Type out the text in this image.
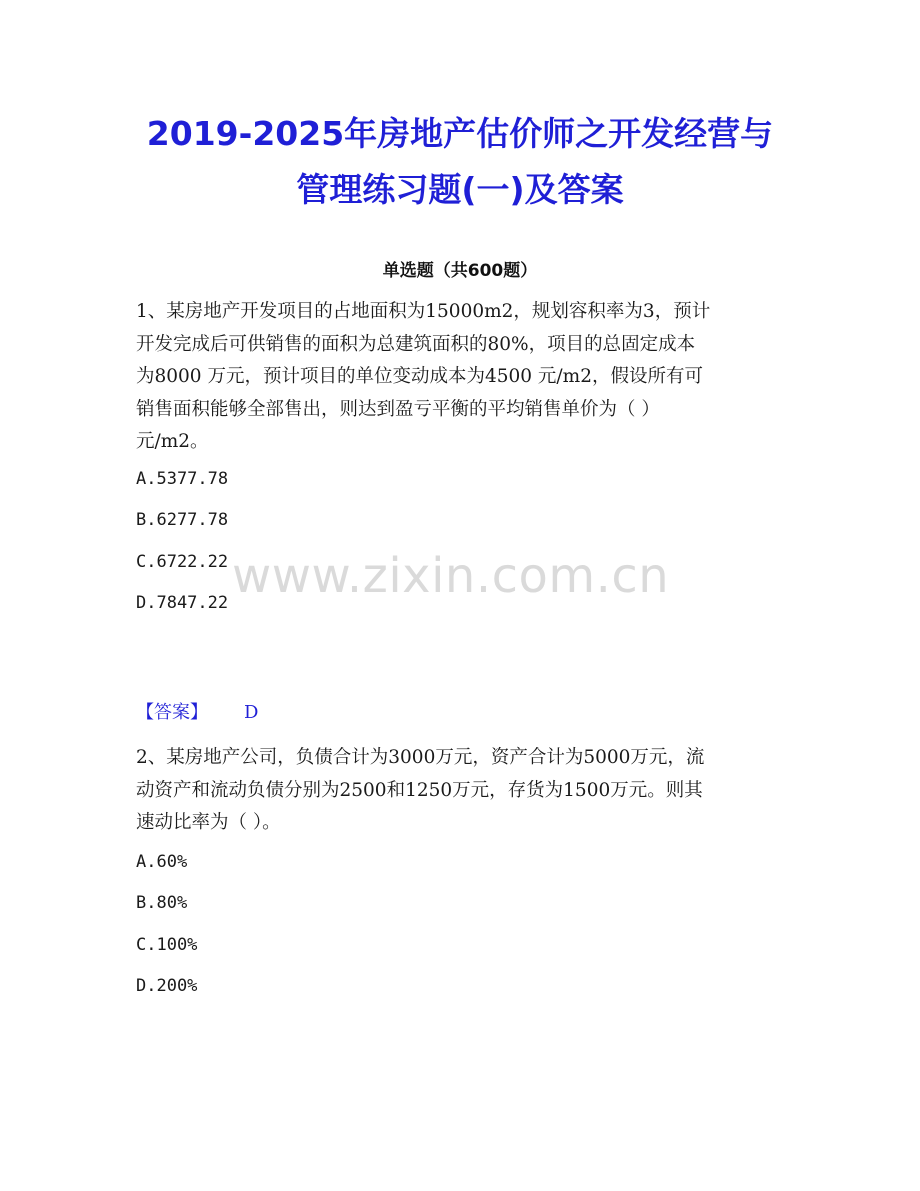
2019-2025年房地产估价师之开发经营与
管理练习题(一)及答案
单选题（共600题）
1、某房地产开发项目的占地面积为15000m2，规划容积率为3，预计
开发完成后可供销售的面积为总建筑面积的80%，项目的总固定成本
为8000 万元，预计项目的单位变动成本为4500 元/m2，假设所有可
销售面积能够全部售出，则达到盈亏平衡的平均销售单价为（ ）
元/m2。
A.5377.78
B.6277.78
C.6722.22
D.7847.22 www.zixin.com.cn
【答案】 D
2、某房地产公司，负债合计为3000万元，资产合计为5000万元，流
动资产和流动负债分别为2500和1250万元，存货为1500万元。则其
速动比率为（ ）。
A.60%
B.80%
C.100%
D.200%
